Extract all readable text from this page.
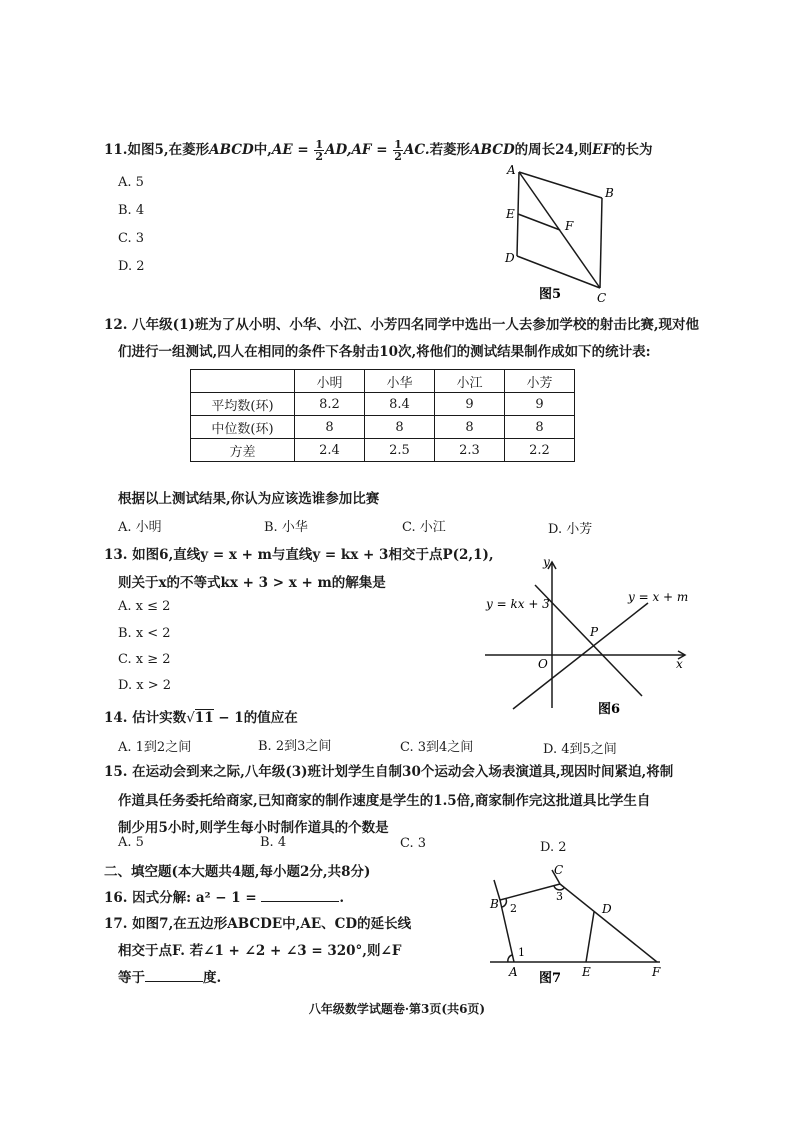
11.如图5,在菱形ABCD中$,AE = \frac{1}{2} AD,AF = \frac{1}{2}$ AC.若菱形ABCD的周长24,则EF的长为
A. 5
B. 4
C. 3
D. 2
A
B
C
D
E
F
图5
12. 八年级(1)班为了从小明、小华、小江、小芳四名同学中选出一人去参加学校的射击比赛,现对他
们进行一组测试,四人在相同的条件下各射击10次,将他们的测试结果制作成如下的统计表:
	小明	小华	小江	小芳
平均数(环)	8.2	8.4	9	9
中位数(环)	8	8	8	8
方差	2.4	2.5	2.3	2.2
根据以上测试结果,你认为应该选谁参加比赛
A. 小明	B. 小华	C. 小江	D. 小芳
13. 如图6,直线y = x + m与直线y = kx + 3相交于点P(2,1),
则关于x的不等式kx + 3 > x + m的解集是
A. x ≤ 2
B. x < 2
C. x ≥ 2
D. x > 2
y = kx + 3	y = x + m
P
O	x
y
图6
14. 估计实数√11 − 1的值应在
A. 1到2之间	B. 2到3之间	C. 3到4之间	D. 4到5之间
15. 在运动会到来之际,八年级(3)班计划学生自制30个运动会入场表演道具,现因时间紧迫,将制
作道具任务委托给商家,已知商家的制作速度是学生的1.5倍,商家制作完这批道具比学生自
制少用5小时,则学生每小时制作道具的个数是
A. 5	B. 4	C. 3	D. 2
二、填空题(本大题共4题,每小题2分,共8分)
16. 因式分解: a² − 1 =	.
17. 如图7,在五边形ABCDE中,AE、CD的延长线
相交于点F. 若∠1 + ∠2 + ∠3 = 320°,则∠F
等于	度.	A
B
C
D
E	F
1
2
3
图7
八年级数学试题卷·第3页(共6页)
